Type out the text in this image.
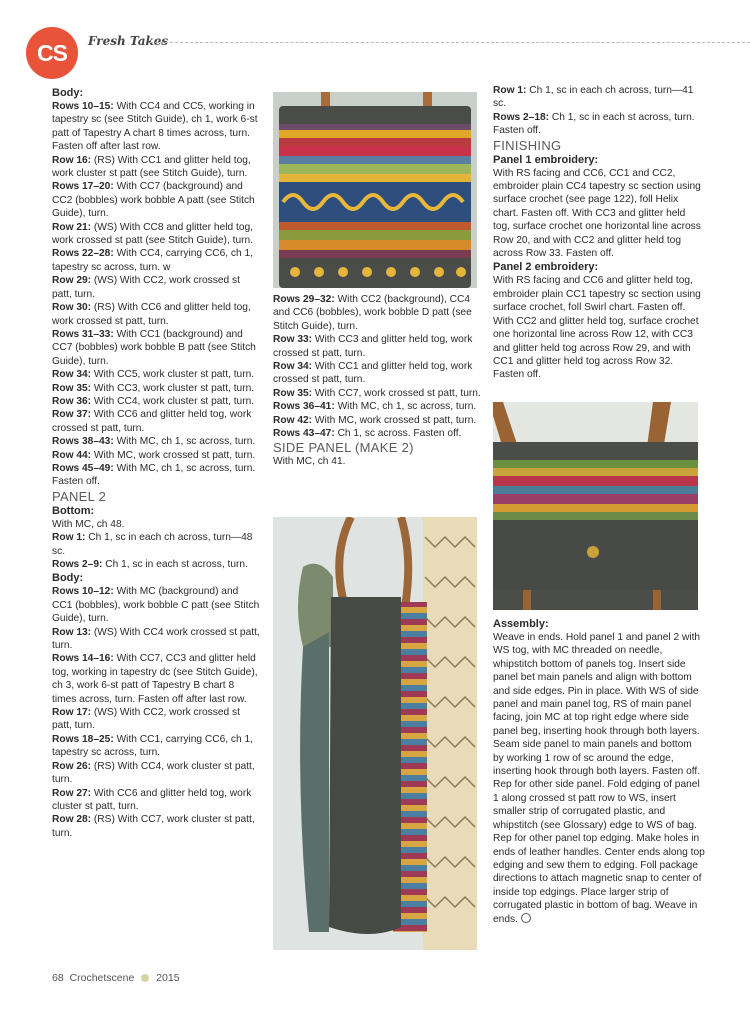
CS	Fresh Takes

Body:

Rows 10–15: With CC4 and CC5, working in tapestry sc (see Stitch Guide), ch 1, work 6-st patt of Tapestry A chart 8 times across, turn. Fasten off after last row.

Row 16: (RS) With CC1 and glitter held tog, work cluster st patt (see Stitch Guide), turn.

Rows 17–20: With CC7 (background) and CC2 (bobbles) work bobble A patt (see Stitch Guide), turn.

Row 21: (WS) With CC8 and glitter held tog, work crossed st patt (see Stitch Guide), turn.

Rows 22–28: With CC4, carrying CC6, ch 1, tapestry sc across, turn. w

Row 29: (WS) With CC2, work crossed st patt, turn.

Row 30: (RS) With CC6 and glitter held tog, work crossed st patt, turn.

Rows 31–33: With CC1 (background) and CC7 (bobbles) work bobble B patt (see Stitch Guide), turn.

Row 34: With CC5, work cluster st patt, turn.

Row 35: With CC3, work cluster st patt, turn.

Row 36: With CC4, work cluster st patt, turn.

Row 37: With CC6 and glitter held tog, work crossed st patt, turn.

Rows 38–43: With MC, ch 1, sc across, turn.

Row 44: With MC, work crossed st patt, turn.

Rows 45–49: With MC, ch 1, sc across, turn.

Fasten off.

PANEL 2

Bottom:

With MC, ch 48.

Row 1: Ch 1, sc in each ch across, turn—48 sc.

Rows 2–9: Ch 1, sc in each st across, turn.

Body:

Rows 10–12: With MC (background) and CC1 (bobbles), work bobble C patt (see Stitch Guide), turn.

Row 13: (WS) With CC4 work crossed st patt, turn.

Rows 14–16: With CC7, CC3 and glitter held tog, working in tapestry dc (see Stitch Guide), ch 3, work 6-st patt of Tapestry B chart 8 times across, turn. Fasten off after last row.

Row 17: (WS) With CC2, work crossed st patt, turn.

Rows 18–25: With CC1, carrying CC6, ch 1, tapestry sc across, turn.

Row 26: (RS) With CC4, work cluster st patt, turn.

Row 27: With CC6 and glitter held tog, work cluster st patt, turn.

Row 28: (RS) With CC7, work cluster st patt, turn.

Rows 29–32: With CC2 (background), CC4 and CC6 (bobbles), work bobble D patt (see Stitch Guide), turn.

Row 33: With CC3 and glitter held tog, work crossed st patt, turn.

Row 34: With CC1 and glitter held tog, work crossed st patt, turn.

Row 35: With CC7, work crossed st patt, turn.

Rows 36–41: With MC, ch 1, sc across, turn.

Row 42: With MC, work crossed st patt, turn.

Rows 43–47: Ch 1, sc across. Fasten off.

SIDE PANEL (MAKE 2)

With MC, ch 41.

Row 1: Ch 1, sc in each ch across, turn—41 sc.

Rows 2–18: Ch 1, sc in each st across, turn.

Fasten off.

FINISHING

Panel 1 embroidery:

With RS facing and CC6, CC1 and CC2, embroider plain CC4 tapestry sc section using surface crochet (see page 122), foll Helix chart. Fasten off. With CC3 and glitter held tog, surface crochet one horizontal line across Row 20, and with CC2 and glitter held tog across Row 33. Fasten off.

Panel 2 embroidery:

With RS facing and CC6 and glitter held tog, embroider plain CC1 tapestry sc section using surface crochet, foll Swirl chart. Fasten off. With CC2 and glitter held tog, surface crochet one horizontal line across Row 12, with CC3 and glitter held tog across Row 29, and with CC1 and glitter held tog across Row 32. Fasten off.

Assembly:

Weave in ends. Hold panel 1 and panel 2 with WS tog, with MC threaded on needle, whipstitch bottom of panels tog. Insert side panel bet main panels and align with bottom and side edges. Pin in place. With WS of side panel and main panel tog, RS of main panel facing, join MC at top right edge where side panel beg, inserting hook through both layers. Seam side panel to main panels and bottom by working 1 row of sc around the edge, inserting hook through both layers. Fasten off. Rep for other side panel. Fold edging of panel 1 along crossed st patt row to WS, insert smaller strip of corrugated plastic, and whipstitch (see Glossary) edge to WS of bag. Rep for other panel top edging. Make holes in ends of leather handles. Center ends along top edging and sew them to edging. Foll package directions to attach magnetic snap to center of inside top edgings. Place larger strip of corrugated plastic in bottom of bag. Weave in ends.

68 Crochetscene 2015
